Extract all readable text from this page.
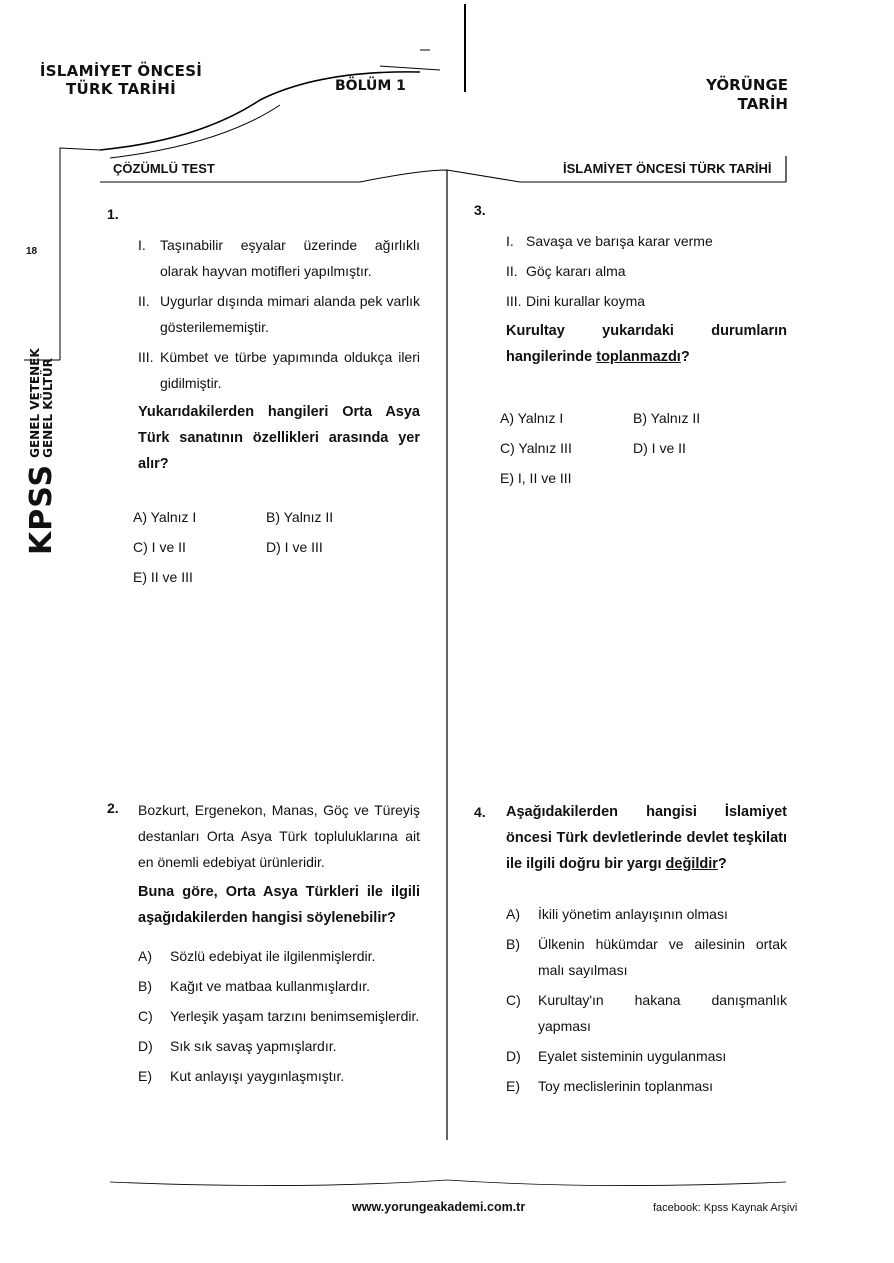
İSLAMİYET ÖNCESİ
TÜRK TARİHİ	BÖLÜM 1	YÖRÜNGE
TARİH
ÇÖZÜMLÜ TEST	İSLAMİYET ÖNCESİ TÜRK TARİHİ
18
KPSS
GENEL VETENEK GENEL KÜLTÜR
1.
I.	Taşınabilir eşyalar üzerinde ağırlıklı olarak hayvan motifleri yapılmıştır.
II. Uygurlar dışında mimari alanda pek varlık gösterilememiştir.
III. Kümbet ve türbe yapımında oldukça ileri gidilmiştir.
Yukarıdakilerden hangileri Orta Asya Türk sanatının özellikleri arasında yer alır?
A) Yalnız I	B) Yalnız II
C) I ve II	D) I ve III
E) II ve III
2. Bozkurt, Ergenekon, Manas, Göç ve Türeyiş destanları Orta Asya Türk topluluklarına ait en önemli edebiyat ürünleridir.
Buna göre, Orta Asya Türkleri ile ilgili aşağıdakilerden hangisi söylenebilir?
A)	Sözlü edebiyat ile ilgilenmişlerdir.
B)	Kağıt ve matbaa kullanmışlardır.
C)	Yerleşik yaşam tarzını benimsemişlerdir.
D)	Sık sık savaş yapmışlardır.
E)	Kut anlayışı yaygınlaşmıştır.
3.
I. Savaşa ve barışa karar verme
II. Göç kararı alma
III. Dini kurallar koyma
Kurultay yukarıdaki durumların hangilerinde toplanmazdı?
A) Yalnız I	B) Yalnız II
C) Yalnız III	D) I ve II
E) I, II ve III
4. Aşağıdakilerden hangisi İslamiyet öncesi Türk devletlerinde devlet teşkilatı ile ilgili doğru bir yargı değildir?
A)	İkili yönetim anlayışının olması
B)	Ülkenin hükümdar ve ailesinin ortak malı sayılması
C)	Kurultay'ın hakana danışmanlık yapması
D)	Eyalet sisteminin uygulanması
E)	Toy meclislerinin toplanması
www.yorungeakademi.com.tr	facebook: Kpss Kaynak Arşivi
